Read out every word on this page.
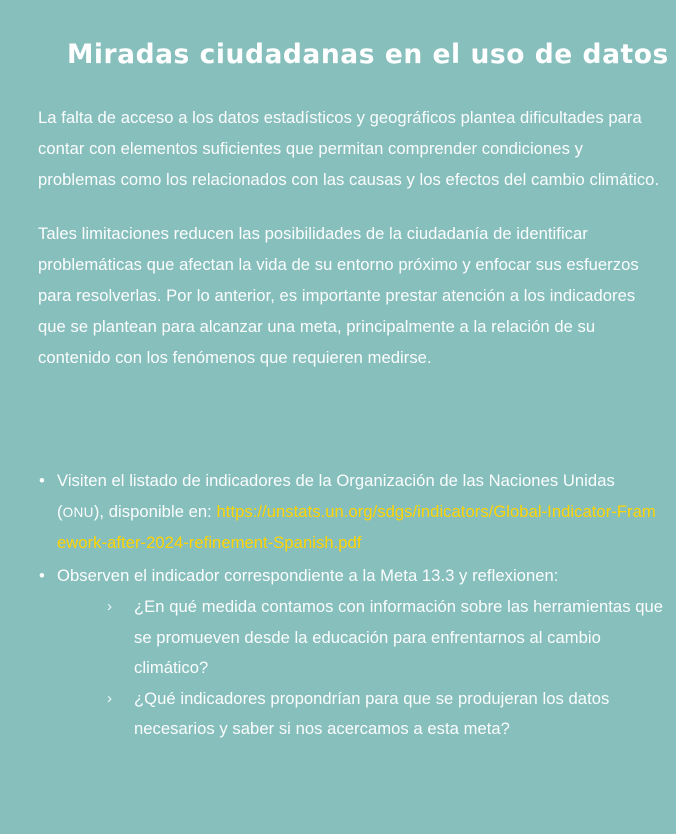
Miradas ciudadanas en el uso de datos

La falta de acceso a los datos estadísticos y geográficos plantea dificultades para contar con elementos suficientes que permitan comprender condiciones y problemas como los relacionados con las causas y los efectos del cambio climático.

Tales limitaciones reducen las posibilidades de la ciudadanía de identificar problemáticas que afectan la vida de su entorno próximo y enfocar sus esfuerzos para resolverlas. Por lo anterior, es importante prestar atención a los indicadores que se plantean para alcanzar una meta, principalmente a la relación de su contenido con los fenómenos que requieren medirse.

• Visiten el listado de indicadores de la Organización de las Naciones Unidas (ONU), disponible en: https://unstats.un.org/sdgs/indicators/Global-Indicator-Framework-after-2024-refinement-Spanish.pdf
• Observen el indicador correspondiente a la Meta 13.3 y reflexionen:
›	¿En qué medida contamos con información sobre las herramientas que se promueven desde la educación para enfrentarnos al cambio climático?
›	¿Qué indicadores propondrían para que se produjeran los datos necesarios y saber si nos acercamos a esta meta?
